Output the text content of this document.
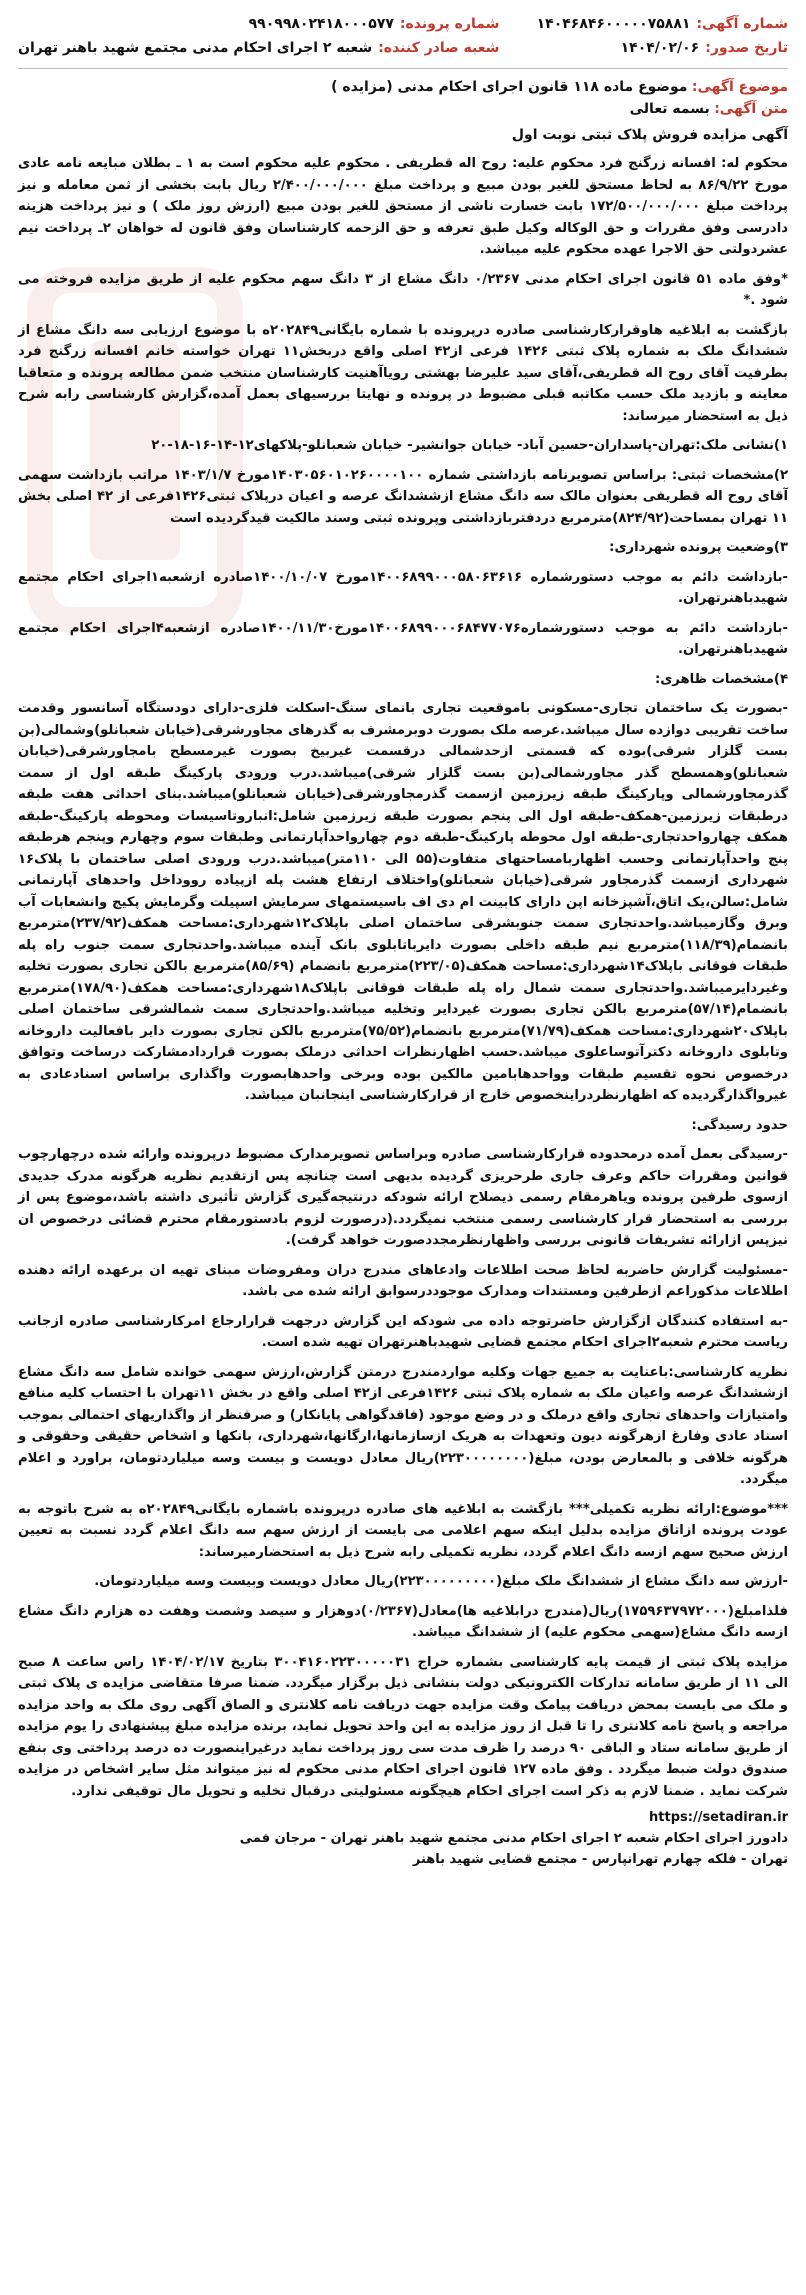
شماره آگهی:
۱۴۰۴۶۸۴۶۰۰۰۰۰۷۵۸۸۱
شماره پرونده:
۹۹۰۹۹۸۰۲۴۱۸۰۰۰۵۷۷
تاریخ صدور:
۱۴۰۴/۰۲/۰۶
شعبه صادر کننده:
شعبه ۲ اجرای احکام مدنی مجتمع شهید باهنر تهران
موضوع آگهی: موضوع ماده ۱۱۸ قانون اجرای احکام مدنی (مزایده )
متن آگهی: بسمه تعالی
آگهی مزایده فروش پلاک ثبتی نوبت اول

محکوم له: افسانه زرگنج فرد محکوم علیه: روح اله قطریفی . محکوم علیه محکوم است به ۱ ـ بطلان مبایعه نامه عادی مورخ ۸۶/۹/۲۲ به لحاظ مستحق للغیر بودن مبیع و پرداخت مبلغ ۲/۴۰۰/۰۰۰/۰۰۰ ریال بابت بخشی از ثمن معامله و نیز پرداخت مبلغ ۱۷۲/۵۰۰/۰۰۰/۰۰۰ بابت خسارت ناشی از مستحق للغیر بودن مبیع (ارزش روز ملک ) و نیز پرداخت هزینه دادرسی وفق مقررات و حق الوکاله وکیل طبق تعرفه و حق الزحمه کارشناسان وفق قانون له خواهان ۲ـ پرداخت نیم عشردولتی حق الاجرا عهده محکوم علیه میباشد.

*وفق ماده ۵۱ قانون اجرای احکام مدنی ۰/۲۳۶۷ دانگ مشاع از ۳ دانگ سهم محکوم علیه از طریق مزایده فروخته می شود .*

بازگشت به ابلاغیه هاوقرارکارشناسی صادره درپرونده با شماره بایگانی۲۰۲۸۴۹ه با موضوع ارزیابی سه دانگ مشاع از ششدانگ ملک به شماره پلاک ثبتی ۱۴۲۶ فرعی از۴۲ اصلی واقع دربخش۱۱ تهران خواسته خانم افسانه زرگنج فرد بطرفیت آقای روح اله قطریفی،آقای سید علیرضا بهشتی رویاآهنیت کارشناسان منتخب ضمن مطالعه پرونده و متعاقبا معاینه و بازدید ملک حسب مکاتبه قبلی مضبوط در پرونده و نهایتا بررسیهای بعمل آمده،گزارش کارشناسی رابه شرح ذیل به استحضار میرساند:

۱)نشانی ملک:تهران-پاسداران-حسین آباد- خیابان جوانشیر- خیابان شعبانلو-پلاکهای۱۲-۱۴-۱۶-۱۸-۲۰

۲)مشخصات ثبتی: براساس تصویرنامه بازداشتی شماره ۱۴۰۳۰۵۶۰۱۰۲۶۰۰۰۰۱۰۰مورخ ۱۴۰۳/۱/۷ مراتب بازداشت سهمی آقای روح اله قطریفی بعنوان مالک سه دانگ مشاع ازششدانگ عرصه و اعیان درپلاک ثبتی۱۴۲۶فرعی از ۴۲ اصلی بخش ۱۱ تهران بمساحت(۸۲۴/۹۲)مترمربع دردفتربازداشتی وپرونده ثبتی وسند مالکیت قیدگردیده است

۳)وضعیت پرونده شهرداری:

-بازداشت دائم به موجب دستورشماره ۱۴۰۰۶۸۹۹۰۰۰۵۸۰۶۳۶۱۶مورخ ۱۴۰۰/۱۰/۰۷صادره ازشعبه۱اجرای احکام مجتمع شهیدباهنرتهران.

-بازداشت دائم به موجب دستورشماره۱۴۰۰۶۸۹۹۰۰۰۶۸۴۷۷۰۷۶مورخ۱۴۰۰/۱۱/۳۰صادره ازشعبه۴اجرای احکام مجتمع شهیدباهنرتهران.

۴)مشخصات ظاهری:

-بصورت یک ساختمان تجاری-مسکونی باموقعیت تجاری بانمای سنگ-اسکلت فلزی-دارای دودستگاه آسانسور وقدمت ساخت تقریبی دوازده سال میباشد.عرصه ملک بصورت دوبرمشرف به گذرهای مجاورشرقی(خیابان شعبانلو)وشمالی(بن بست گلزار شرقی)بوده که قسمتی ازحدشمالی درقسمت غیربیخ بصورت غیرمسطح بامجاورشرقی(خیابان شعبانلو)وهمسطح گذر مجاورشمالی(بن بست گلزار شرقی)میباشد.درب ورودی پارکینگ طبقه اول از سمت گذرمجاورشمالی وپارکینگ طبقه زیرزمین ازسمت گذرمجاورشرقی(خیابان شعبانلو)میباشد.بنای احداثی هفت طبقه درطبقات زیرزمین-همکف-طبقه اول الی پنجم بصورت طبقه زیرزمین شامل:انباروتاسیسات ومحوطه پارکینگ-طبقه همکف چهارواحدتجاری-طبقه اول محوطه پارکینگ-طبقه دوم چهارواحدآپارتمانی وطبقات سوم وچهارم وپنجم هرطبقه پنج واحدآپارتمانی وحسب اظهاربامساحتهای متفاوت(۵۵ الی ۱۱۰متر)میباشد.درب ورودی اصلی ساختمان با پلاک۱۶ شهرداری ازسمت گذرمجاور شرقی(خیابان شعبانلو)واختلاف ارتفاع هشت پله ازپیاده رووداخل واحدهای آپارتمانی شامل:سالن،یک اتاق،آشپزخانه اپن دارای کابینت ام دی اف باسیستمهای سرمایش اسپیلت وگرمایش پکیج وانشعابات آب وبرق وگازمیباشد.واحدتجاری سمت جنوبشرقی ساختمان اصلی باپلاک۱۲شهرداری:مساحت همکف(۲۳۷/۹۲)مترمربع بانضمام(۱۱۸/۳۹)مترمربع نیم طبقه داخلی بصورت دایرباتابلوی بانک آینده میباشد.واحدتجاری سمت جنوب راه پله طبقات فوقانی باپلاک۱۴شهرداری:مساحت همکف(۲۲۳/۰۵)مترمربع بانضمام (۸۵/۶۹)مترمربع بالکن تجاری بصورت تخلیه وغیردایرمیباشد.واحدتجاری سمت شمال راه پله طبقات فوقانی باپلاک۱۸شهرداری:مساحت همکف(۱۷۸/۹۰)مترمربع بانضمام(۵۷/۱۴)مترمربع بالکن تجاری بصورت غیردایر وتخلیه میباشد.واحدتجاری سمت شمالشرقی ساختمان اصلی باپلاک۲۰شهرداری:مساحت همکف(۷۱/۷۹)مترمربع بانضمام(۷۵/۵۲)مترمربع بالکن تجاری بصورت دایر بافعالیت داروخانه وتابلوی داروخانه دکترآتوساعلوی میباشد.حسب اظهارنظرات احداثی درملک بصورت قراردادمشارکت درساخت وتوافق درخصوص نحوه تقسیم طبقات وواحدهابامین مالکین بوده وبرخی واحدهابصورت واگذاری براساس اسنادعادی به غیرواگذارگردیده که اظهارنظردراینخصوص خارج از قرارکارشناسی اینجانبان میباشد.

حدود رسیدگی:

-رسیدگی بعمل آمده درمحدوده قرارکارشناسی صادره وبراساس تصویرمدارک مضبوط درپرونده وارائه شده درچهارچوب قوانین ومقررات حاکم وعرف جاری طرحریزی گردیده بدیهی است چنانچه پس ازتقدیم نظریه هرگونه مدرک جدیدی ازسوی طرفین پرونده ویاهرمقام رسمی ذیصلاح ارائه شودکه درنتیجه‌گیری گزارش تأثیری داشته باشد،موضوع پس از بررسی به استحضار قرار کارشناسی رسمی منتخب نمیگردد.(درصورت لزوم بادستورمقام محترم قضائی درخصوص ان نیزپس ازارائه تشریفات قانونی بررسی واظهارنظرمجددصورت خواهد گرفت).

-مسئولیت گزارش حاضربه لحاظ صحت اطلاعات وادعاهای مندرج دران ومفروضات مبنای تهیه ان برعهده ارائه دهنده اطلاعات مذکوراعم ازطرفین ومستندات ومدارک موجوددرسوابق ارائه شده می باشد.

-به استفاده کنندگان ازگزارش حاضرتوجه داده می شودکه این گزارش درجهت قرارارجاع امرکارشناسی صادره ازجانب ریاست محترم شعبه۲اجرای احکام مجتمع قضایی شهیدباهنرتهران تهیه شده است.

نظریه کارشناسی:باعنایت به جمیع جهات وکلیه مواردمندرج درمتن گزارش،ارزش سهمی خوانده شامل سه دانگ مشاع ازششدانگ عرصه واعیان ملک به شماره پلاک ثبتی ۱۴۲۶فرعی از۴۲ اصلی واقع در بخش ۱۱تهران با احتساب کلیه منافع وامتیازات واحدهای تجاری واقع درملک و در وضع موجود (فاقدگواهی پایانکار) و صرفنظر از واگذاریهای احتمالی بموجب اسناد عادی وفارغ ازهرگونه دیون وتعهدات به هریک ازسازمانها،ارگانها،شهرداری، بانکها و اشخاص حقیقی وحقوقی و هرگونه خلافی و بالمعارض بودن، مبلغ(۲۲۳۰۰۰۰۰۰۰۰)ریال معادل دویست و بیست وسه میلیاردتومان، براورد و اعلام میگردد.

***موضوع:ارائه نظریه تکمیلی*** بازگشت به ابلاغیه های صادره درپرونده باشماره بایگانی۲۰۲۸۴۹ه به شرح باتوجه به عودت پرونده ازاتاق مزایده بدلیل اینکه سهم اعلامی می بایست از ارزش سهم سه دانگ اعلام گردد نسبت به تعیین ارزش صحیح سهم ازسه دانگ اعلام گردد، نظریه تکمیلی رابه شرح ذیل به استحضارمیرساند:

-ارزش سه دانگ مشاع از ششدانگ ملک مبلغ(۲۲۳۰۰۰۰۰۰۰۰۰)ریال معادل دویست وبیست وسه میلیاردتومان.

فلذامبلغ(۱۷۵۹۶۳۷۹۷۲۰۰۰)ریال(مندرج درابلاغیه ها)معادل(۰/۲۳۶۷)دوهزار و سیصد وشصت وهفت ده هزارم دانگ مشاع ازسه دانگ مشاع(سهمی محکوم علیه) از ششدانگ میباشد.

مزایده پلاک ثبتی از قیمت پایه کارشناسی بشماره حراج ۳۰۰۴۱۶۰۲۲۳۰۰۰۰۰۳۱ بتاریخ ۱۴۰۴/۰۲/۱۷ راس ساعت ۸ صبح الی ۱۱ از طریق سامانه تدارکات الکترونیکی دولت بنشانی ذیل برگزار میگردد. ضمنا صرفا متقاضی مزایده ی پلاک ثبتی و ملک می بایست بمحض دریافت پیامک وقت مزایده جهت دریافت نامه کلانتری و الصاق آگهی روی ملک به واحد مزایده مراجعه و پاسخ نامه کلانتری را تا قبل از روز مزایده به این واحد تحویل نماید، برنده مزایده مبلغ پیشنهادی را یوم مزایده از طریق سامانه ستاد و الباقی ۹۰ درصد را ظرف مدت سی روز پرداخت نماید درغیراینصورت ده درصد پرداختی وی بنفع صندوق دولت ضبط میگردد . وفق ماده ۱۲۷ قانون اجرای احکام مدنی محکوم له نیز میتواند مثل سایر اشخاص در مزایده شرکت نماید . ضمنا لازم به ذکر است اجرای احکام هیچگونه مسئولیتی درقبال تخلیه و تحویل مال توقیفی ندارد.

https://setadiran.ir
دادورز اجرای احکام شعبه ۲ اجرای احکام مدنی مجتمع شهید باهنر تهران - مرجان فمی
تهران - فلکه چهارم تهرانپارس - مجتمع قضایی شهید باهنر
